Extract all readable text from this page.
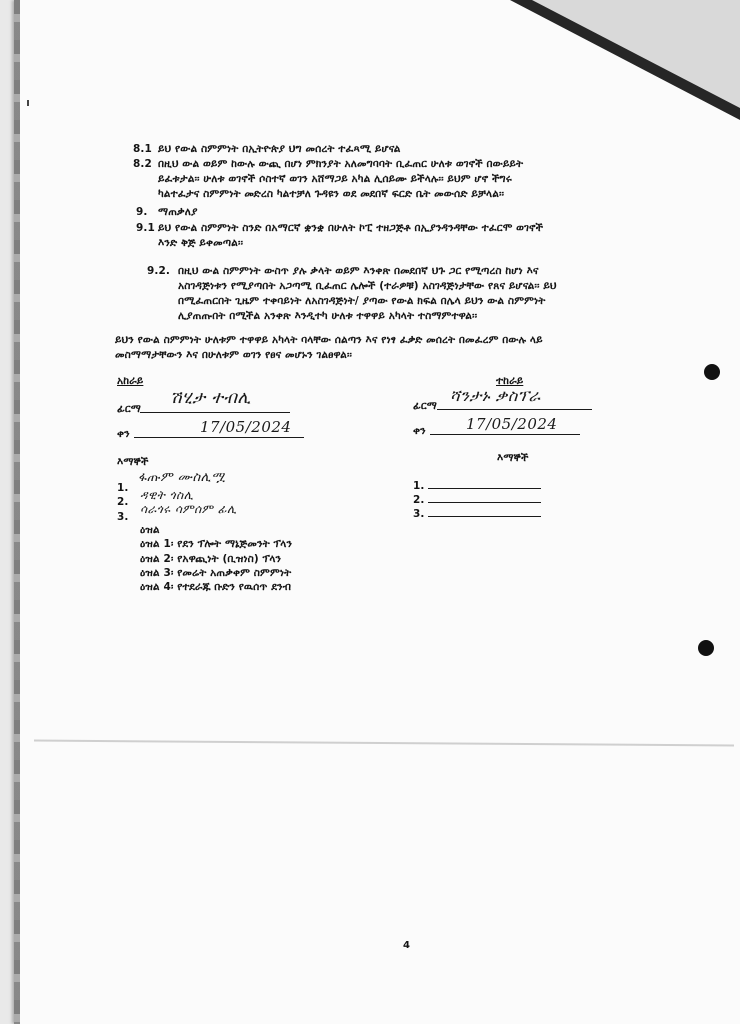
8.1 ይህ የውል ስምምነት በኢትዮጵያ ህግ መሰረት ተፈጻሚ ይሆናል
8.2 በዚህ ውል ወይም ከውሉ ውጪ በሆነ ምክንያት አለመግባባት ቢፈጠር ሁለቱ ወገኖች በውይይት
ይፈቱታል፡፡ ሁለቱ ወገኖች ሶስተኛ ወገን አሸማጋይ አካል ሊሰይሙ ይችላሉ፡፡ ይህም ሆኖ ችግሩ
ካልተፈታና ስምምነት መድረስ ካልተቻለ ጉዳዩን ወደ መደበኛ ፍርድ ቤት መውሰድ ይቻላል፡፡
9. ማጠቃለያ
9.1 ይህ የውል ስምምነት ስንድ በአማርኛ ቋንቋ በሁለት ኮፒ ተዘጋጅቶ በኢያንዳንዳቸው ተፈርሞ ወገኖች
እንድ ቅጅ ይቀመጣል፡፡
9.2. በዚህ ውል ስምምነት ውስጥ ያሉ ቃላት ወይም እንቀጽ በመደበኛ ህጉ ጋር የሚጣረስ ከሆነ እና
አስገዳጅነቱን የሚያጣበት አጋጣሚ ቢፈጠር ሌሎች (ተራዎቹ) አስገዳጅነታቸው የጸና ይሆናል፡፡ ይህ
በሚፈጠርበት ጊዜም ተቀባይነት ለአስገዳጅነት/ ያጣው የውል ክፍል በሌላ ይህን ውል ስምምነት
ሊያጠጡበት በሚችል አንቀጽ እንዲተካ ሁለቱ ተዋዋይ አካላት ተስማምተዋል፡፡
ይህን የውል ስምምነት ሁለቱም ተዋዋይ አካላት ባላቸው ሰልጣን እና የነፃ ፈቃድ መሰረት በመፈረም በውሉ ላይ
መስማማታቸውን እና በሁለቱም ወገን የፀና መሆኑን ገልፀዋል፡፡
አከራይ
ፊርማ
ሽሂታ ተብሊ
ቀን	17/05/2024
ተከራይ
ፊርማ
ሻንታኑ ቃስፕራ
ቀን	17/05/2024
እማኞች
1.
ፋጡም ሙስሊሟ
2. ዳዊት ጎስሊ
3.
ሳራጎሩ ሳምሰም ፊሊ
እማኞች
1.
2.
3.
ዕዝል
ዕዝል 1፡ የደን ፕሎት ማኔጅመንት ፕላን
ዕዝል 2፡ የአዋጪነት (ቢዝነስ) ፕላን
ዕዝል 3፡ የመሬት አጠቃቀም ስምምነት
ዕዝል 4፡ የተደራጁ ቡድን የዉሰጥ ደንብ
4
